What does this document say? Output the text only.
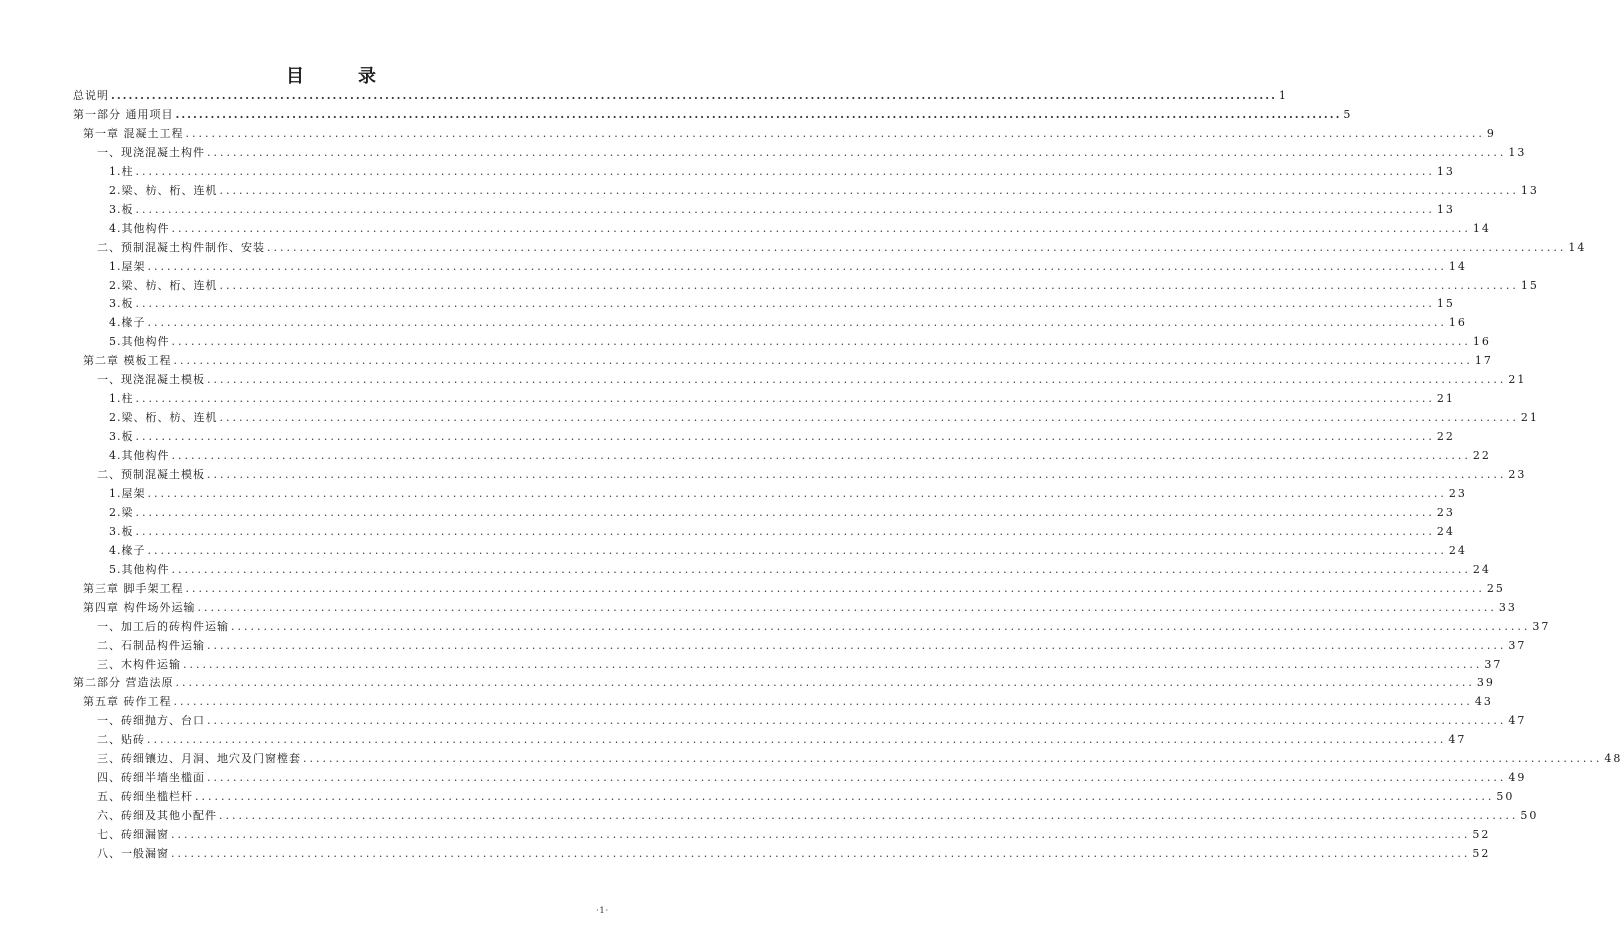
目　录
总说明 ........................................................................................................................................................................................................ 1
第一部分 通用项目 ........................................................................................................................................................................................................ 5
第一章 混凝土工程 ........................................................................................................................................................................................................ 9
一、现浇混凝土构件 ........................................................................................................................................................................................................ 13
1.柱 ........................................................................................................................................................................................................ 13
2.梁、枋、桁、连机 ........................................................................................................................................................................................................ 13
3.板 ........................................................................................................................................................................................................ 13
4.其他构件 ........................................................................................................................................................................................................ 14
二、预制混凝土构件制作、安装 ........................................................................................................................................................................................................ 14
1.屋架 ........................................................................................................................................................................................................ 14
2.梁、枋、桁、连机 ........................................................................................................................................................................................................ 15
3.板 ........................................................................................................................................................................................................ 15
4.椽子 ........................................................................................................................................................................................................ 16
5.其他构件 ........................................................................................................................................................................................................ 16
第二章 模板工程 ........................................................................................................................................................................................................ 17
一、现浇混凝土模板 ........................................................................................................................................................................................................ 21
1.柱 ........................................................................................................................................................................................................ 21
2.梁、桁、枋、连机 ........................................................................................................................................................................................................ 21
3.板 ........................................................................................................................................................................................................ 22
4.其他构件 ........................................................................................................................................................................................................ 22
二、预制混凝土模板 ........................................................................................................................................................................................................ 23
1.屋架 ........................................................................................................................................................................................................ 23
2.梁 ........................................................................................................................................................................................................ 23
3.板 ........................................................................................................................................................................................................ 24
4.椽子 ........................................................................................................................................................................................................ 24
5.其他构件 ........................................................................................................................................................................................................ 24
第三章 脚手架工程 ........................................................................................................................................................................................................ 25
第四章 构件场外运输 ........................................................................................................................................................................................................ 33
一、加工后的砖构件运输 ........................................................................................................................................................................................................ 37
二、石制品构件运输 ........................................................................................................................................................................................................ 37
三、木构件运输 ........................................................................................................................................................................................................ 37
第二部分 营造法原 ........................................................................................................................................................................................................ 39
第五章 砖作工程 ........................................................................................................................................................................................................ 43
一、砖细抛方、台口 ........................................................................................................................................................................................................ 47
二、贴砖 ........................................................................................................................................................................................................ 47
三、砖细镶边、月洞、地穴及门窗樘套 ........................................................................................................................................................................................................ 48
四、砖细半墙坐槛面 ........................................................................................................................................................................................................ 49
五、砖细坐槛栏杆 ........................................................................................................................................................................................................ 50
六、砖细及其他小配件 ........................................................................................................................................................................................................ 50
七、砖细漏窗 ........................................................................................................................................................................................................ 52
八、一般漏窗 ........................................................................................................................................................................................................ 52
·1·
